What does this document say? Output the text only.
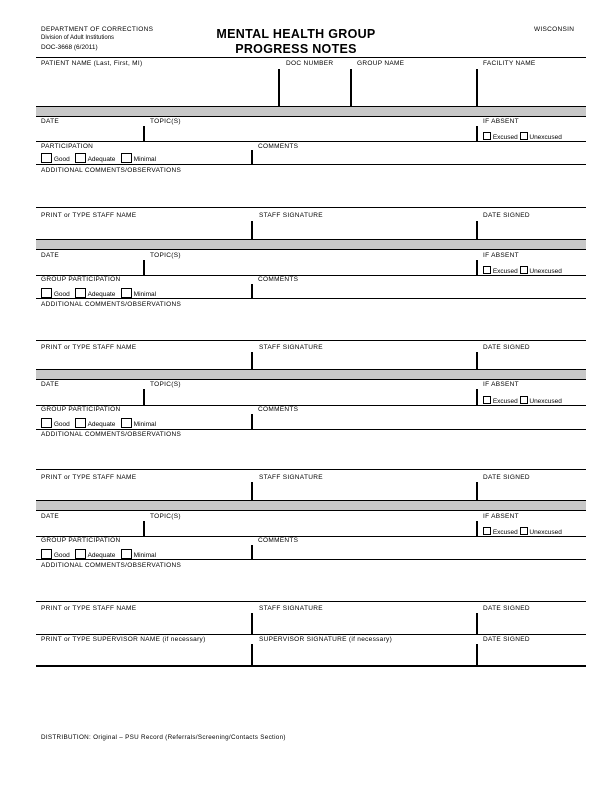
DEPARTMENT OF CORRECTIONS
Division of Adult Institutions
DOC-3668 (6/2011)
MENTAL HEALTH GROUP
PROGRESS NOTES
WISCONSIN
PATIENT NAME (Last, First, MI)	DOC NUMBER	GROUP NAME	FACILITY NAME
DATE	TOPIC(S)	IF ABSENT
Excused Unexcused
PARTICIPATION	COMMENTS
Good	Adequate	Minimal
ADDITIONAL COMMENTS/OBSERVATIONS
PRINT or TYPE STAFF NAME	STAFF SIGNATURE	DATE SIGNED
DATE	TOPIC(S)	IF ABSENT
Excused Unexcused
GROUP PARTICIPATION	COMMENTS
Good	Adequate	Minimal
ADDITIONAL COMMENTS/OBSERVATIONS
PRINT or TYPE STAFF NAME	STAFF SIGNATURE	DATE SIGNED
DATE	TOPIC(S)	IF ABSENT
Excused Unexcused
GROUP PARTICIPATION	COMMENTS
Good	Adequate	Minimal
ADDITIONAL COMMENTS/OBSERVATIONS
PRINT or TYPE STAFF NAME	STAFF SIGNATURE	DATE SIGNED
DATE	TOPIC(S)	IF ABSENT
Excused Unexcused
GROUP PARTICIPATION	COMMENTS
Good	Adequate	Minimal
ADDITIONAL COMMENTS/OBSERVATIONS
PRINT or TYPE STAFF NAME	STAFF SIGNATURE	DATE SIGNED
PRINT or TYPE SUPERVISOR NAME (if necessary)	SUPERVISOR SIGNATURE (if necessary)	DATE SIGNED
DISTRIBUTION: Original – PSU Record (Referrals/Screening/Contacts Section)
